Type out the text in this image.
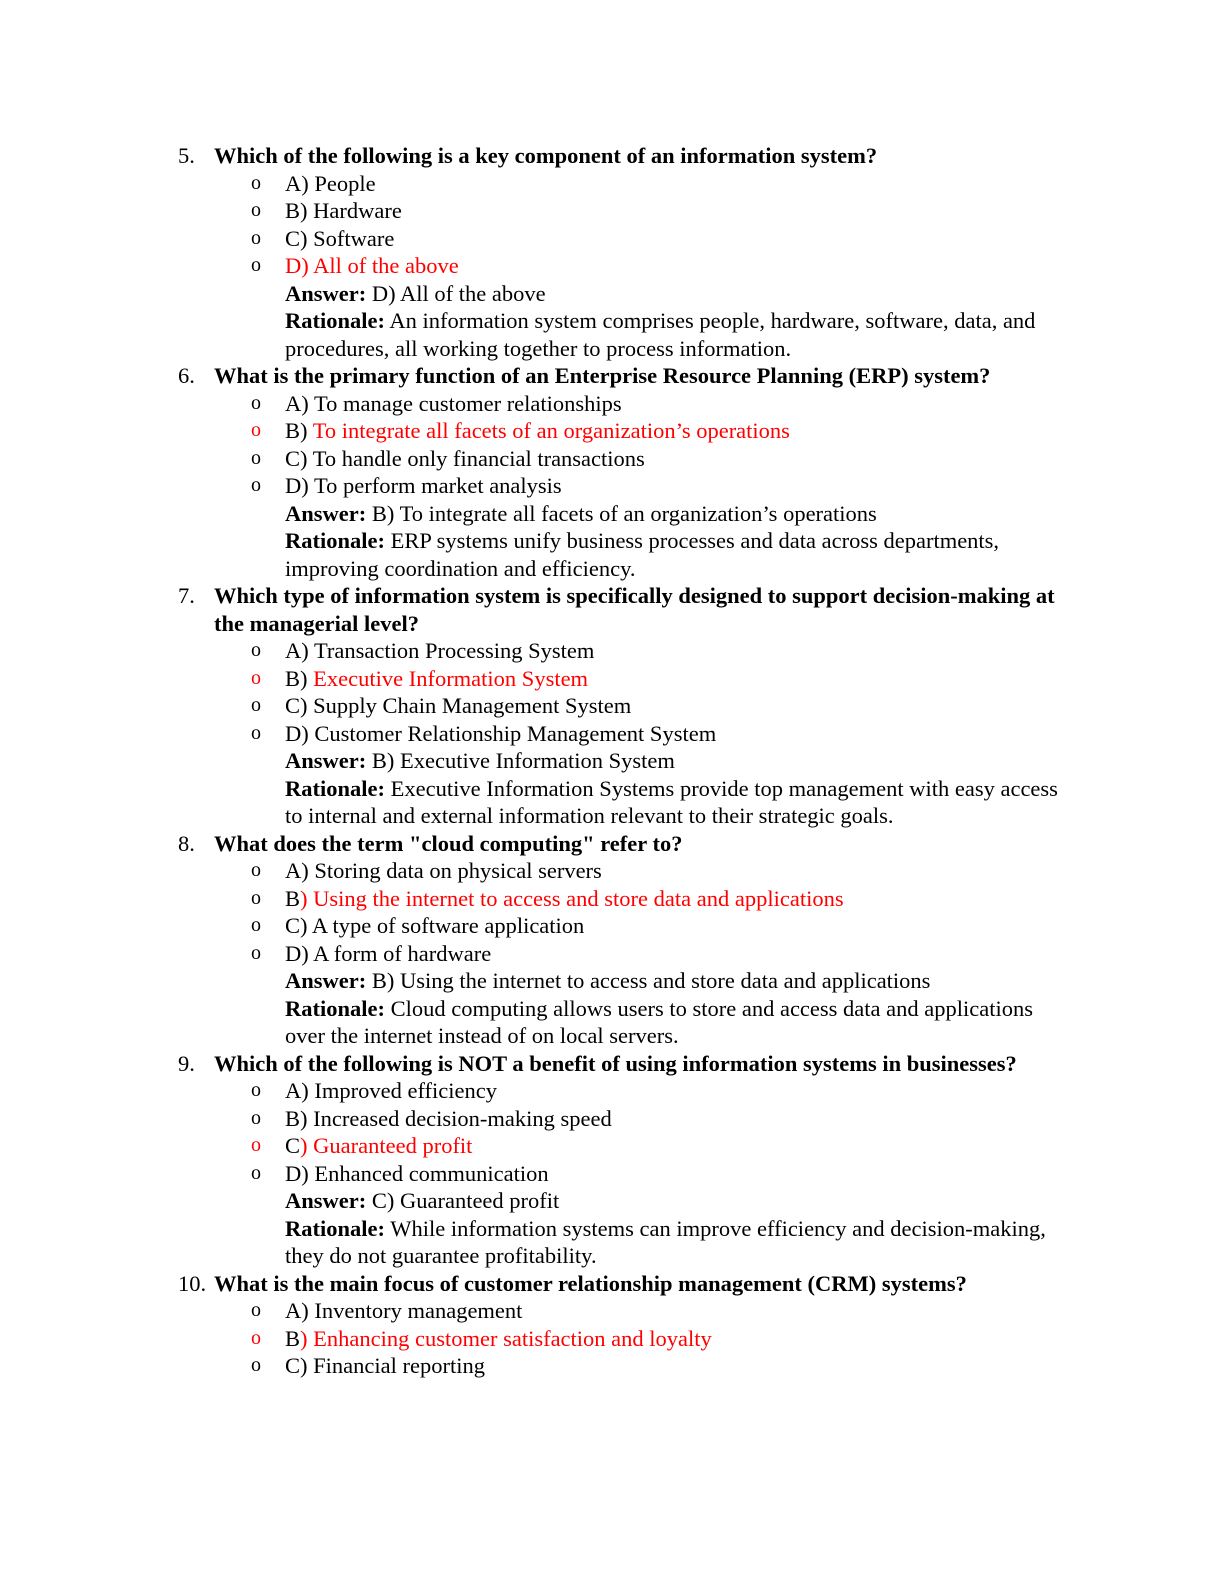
5. Which of the following is a key component of an information system?
o A) People
o B) Hardware
o C) Software
o D) All of the above
Answer: D) All of the above
Rationale: An information system comprises people, hardware, software, data, and procedures, all working together to process information.
6. What is the primary function of an Enterprise Resource Planning (ERP) system?
o A) To manage customer relationships
o B) To integrate all facets of an organization’s operations
o C) To handle only financial transactions
o D) To perform market analysis
Answer: B) To integrate all facets of an organization’s operations
Rationale: ERP systems unify business processes and data across departments, improving coordination and efficiency.
7. Which type of information system is specifically designed to support decision-making at the managerial level?
o A) Transaction Processing System
o B) Executive Information System
o C) Supply Chain Management System
o D) Customer Relationship Management System
Answer: B) Executive Information System
Rationale: Executive Information Systems provide top management with easy access to internal and external information relevant to their strategic goals.
8. What does the term "cloud computing" refer to?
o A) Storing data on physical servers
o B) Using the internet to access and store data and applications
o C) A type of software application
o D) A form of hardware
Answer: B) Using the internet to access and store data and applications
Rationale: Cloud computing allows users to store and access data and applications over the internet instead of on local servers.
9. Which of the following is NOT a benefit of using information systems in businesses?
o A) Improved efficiency
o B) Increased decision-making speed
o C) Guaranteed profit
o D) Enhanced communication
Answer: C) Guaranteed profit
Rationale: While information systems can improve efficiency and decision-making, they do not guarantee profitability.
10. What is the main focus of customer relationship management (CRM) systems?
o A) Inventory management
o B) Enhancing customer satisfaction and loyalty
o C) Financial reporting
